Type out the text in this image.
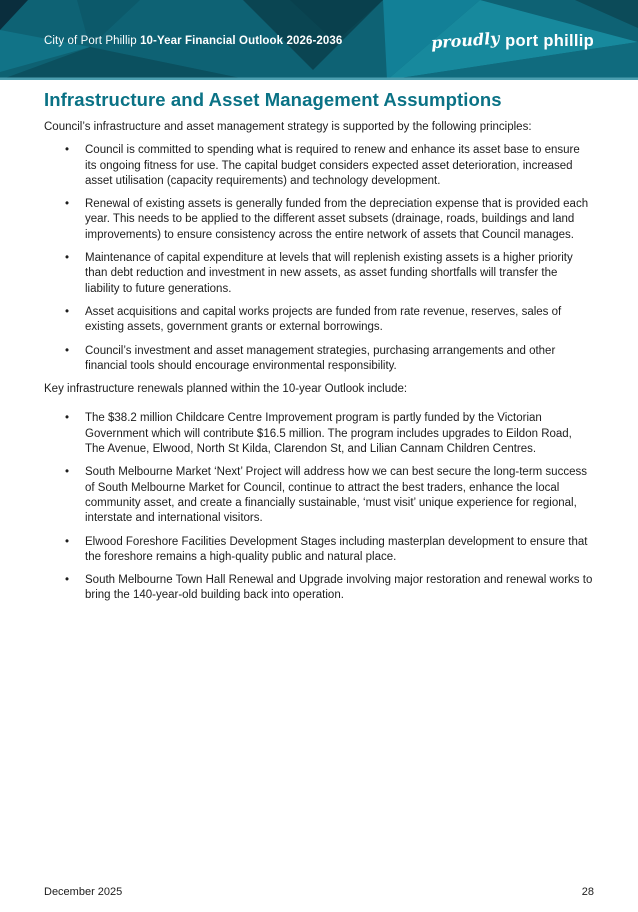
City of Port Phillip 10-Year Financial Outlook 2026-2036	proudly port phillip
Infrastructure and Asset Management Assumptions

Council’s infrastructure and asset management strategy is supported by the following principles:

• Council is committed to spending what is required to renew and enhance its asset base to ensure its ongoing fitness for use. The capital budget considers expected asset deterioration, increased asset utilisation (capacity requirements) and technology development.
• Renewal of existing assets is generally funded from the depreciation expense that is provided each year. This needs to be applied to the different asset subsets (drainage, roads, buildings and land improvements) to ensure consistency across the entire network of assets that Council manages.
• Maintenance of capital expenditure at levels that will replenish existing assets is a higher priority than debt reduction and investment in new assets, as asset funding shortfalls will transfer the liability to future generations.
• Asset acquisitions and capital works projects are funded from rate revenue, reserves, sales of existing assets, government grants or external borrowings.
• Council’s investment and asset management strategies, purchasing arrangements and other financial tools should encourage environmental responsibility.

Key infrastructure renewals planned within the 10-year Outlook include:

• The $38.2 million Childcare Centre Improvement program is partly funded by the Victorian Government which will contribute $16.5 million. The program includes upgrades to Eildon Road, The Avenue, Elwood, North St Kilda, Clarendon St, and Lilian Cannam Children Centres.
• South Melbourne Market ‘Next’ Project will address how we can best secure the long-term success of South Melbourne Market for Council, continue to attract the best traders, enhance the local community asset, and create a financially sustainable, ‘must visit’ unique experience for regional, interstate and international visitors.
• Elwood Foreshore Facilities Development Stages including masterplan development to ensure that the foreshore remains a high-quality public and natural place.
• South Melbourne Town Hall Renewal and Upgrade involving major restoration and renewal works to bring the 140-year-old building back into operation.
December 2025	28
